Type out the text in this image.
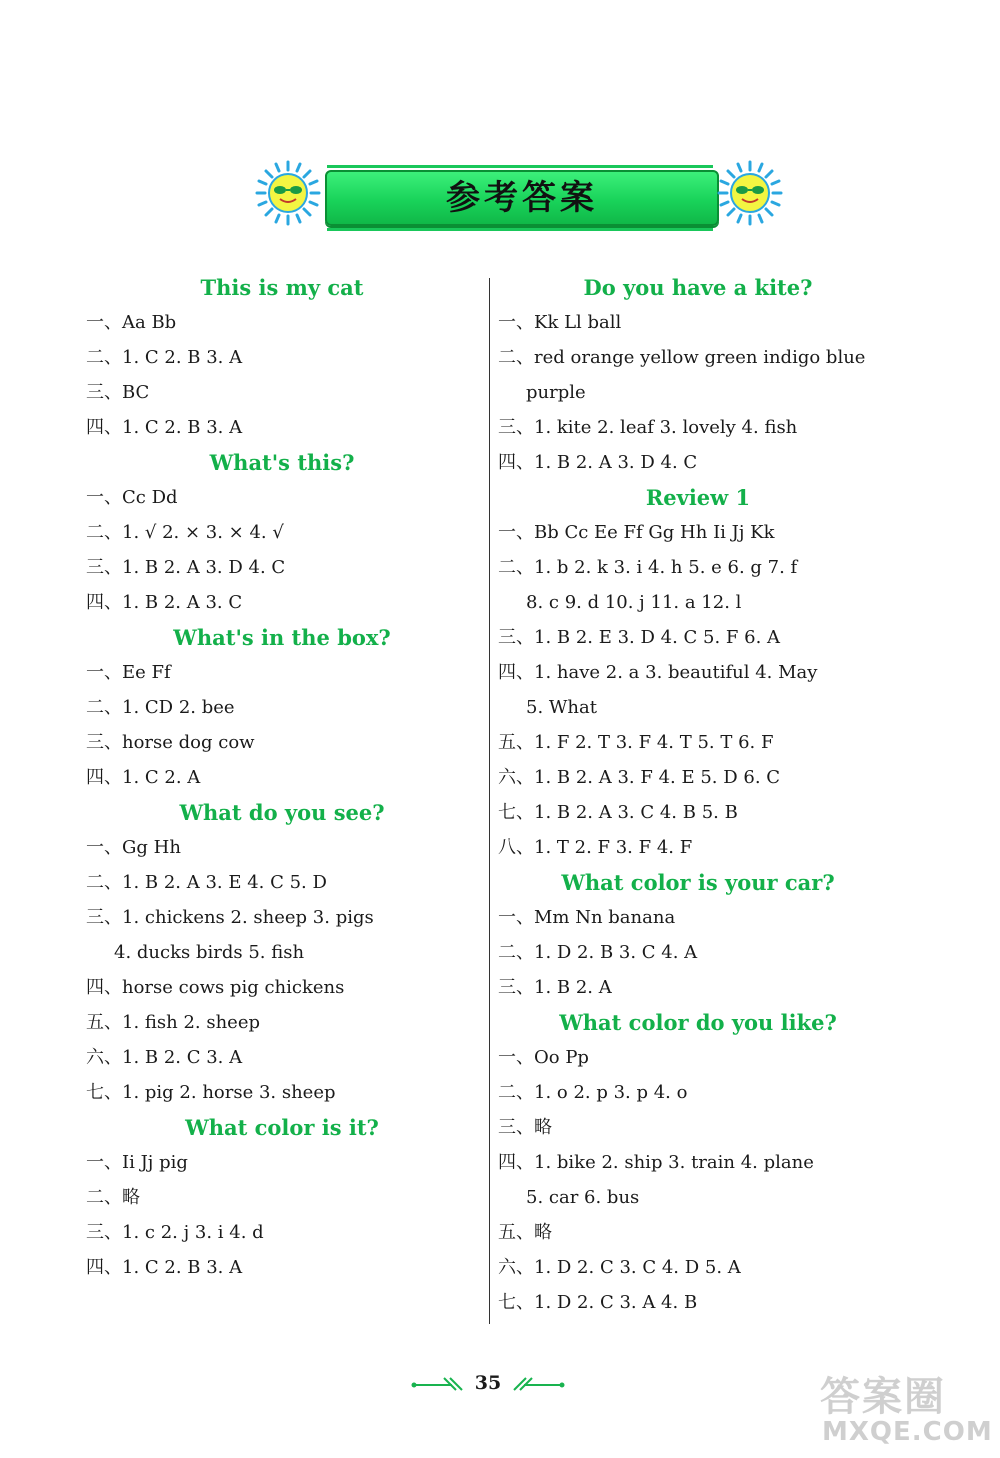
参考答案
This is my cat
一、Aa Bb
二、1. C 2. B 3. A
三、BC
四、1. C 2. B 3. A
What's this?
一、Cc Dd
二、1. √ 2. × 3. × 4. √
三、1. B 2. A 3. D 4. C
四、1. B 2. A 3. C
What's in the box?
一、Ee Ff
二、1. CD 2. bee
三、horse dog cow
四、1. C 2. A
What do you see?
一、Gg Hh
二、1. B 2. A 3. E 4. C 5. D
三、1. chickens 2. sheep 3. pigs
4. ducks birds 5. fish
四、horse cows pig chickens
五、1. fish 2. sheep
六、1. B 2. C 3. A
七、1. pig 2. horse 3. sheep
What color is it?
一、Ii Jj pig
二、略
三、1. c 2. j 3. i 4. d
四、1. C 2. B 3. A
Do you have a kite?
一、Kk Ll ball
二、red orange yellow green indigo blue
purple
三、1. kite 2. leaf 3. lovely 4. fish
四、1. B 2. A 3. D 4. C
Review 1
一、Bb Cc Ee Ff Gg Hh Ii Jj Kk
二、1. b 2. k 3. i 4. h 5. e 6. g 7. f
8. c 9. d 10. j 11. a 12. l
三、1. B 2. E 3. D 4. C 5. F 6. A
四、1. have 2. a 3. beautiful 4. May
5. What
五、1. F 2. T 3. F 4. T 5. T 6. F
六、1. B 2. A 3. F 4. E 5. D 6. C
七、1. B 2. A 3. C 4. B 5. B
八、1. T 2. F 3. F 4. F
What color is your car?
一、Mm Nn banana
二、1. D 2. B 3. C 4. A
三、1. B 2. A
What color do you like?
一、Oo Pp
二、1. o 2. p 3. p 4. o
三、略
四、1. bike 2. ship 3. train 4. plane
5. car 6. bus
五、略
六、1. D 2. C 3. C 4. D 5. A
七、1. D 2. C 3. A 4. B
35	答案圈
MXQE.COM
